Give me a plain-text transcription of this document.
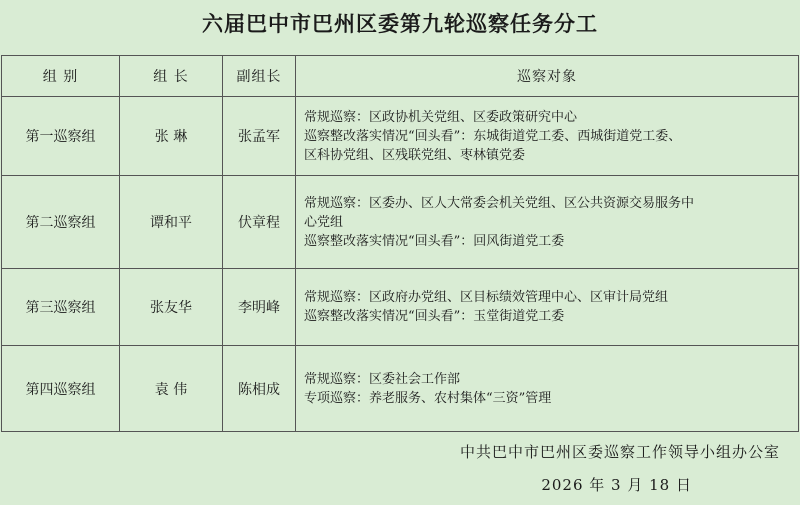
六届巴中市巴州区委第九轮巡察任务分工
组 别	组 长	副组长	巡察对象
第一巡察组	张 琳	张孟军	常规巡察：区政协机关党组、区委政策研究中心
巡察整改落实情况“回头看”：东城街道党工委、西城街道党工委、
区科协党组、区残联党组、枣林镇党委

第二巡察组	谭和平	伏章程	常规巡察：区委办、区人大常委会机关党组、区公共资源交易服务中
心党组
巡察整改落实情况“回头看”：回风街道党工委

第三巡察组	张友华	李明峰	常规巡察：区政府办党组、区目标绩效管理中心、区审计局党组
巡察整改落实情况“回头看”：玉堂街道党工委

第四巡察组	袁 伟	陈相成	常规巡察：区委社会工作部
专项巡察：养老服务、农村集体“三资”管理
中共巴中市巴州区委巡察工作领导小组办公室
2026 年 3 月 18 日
